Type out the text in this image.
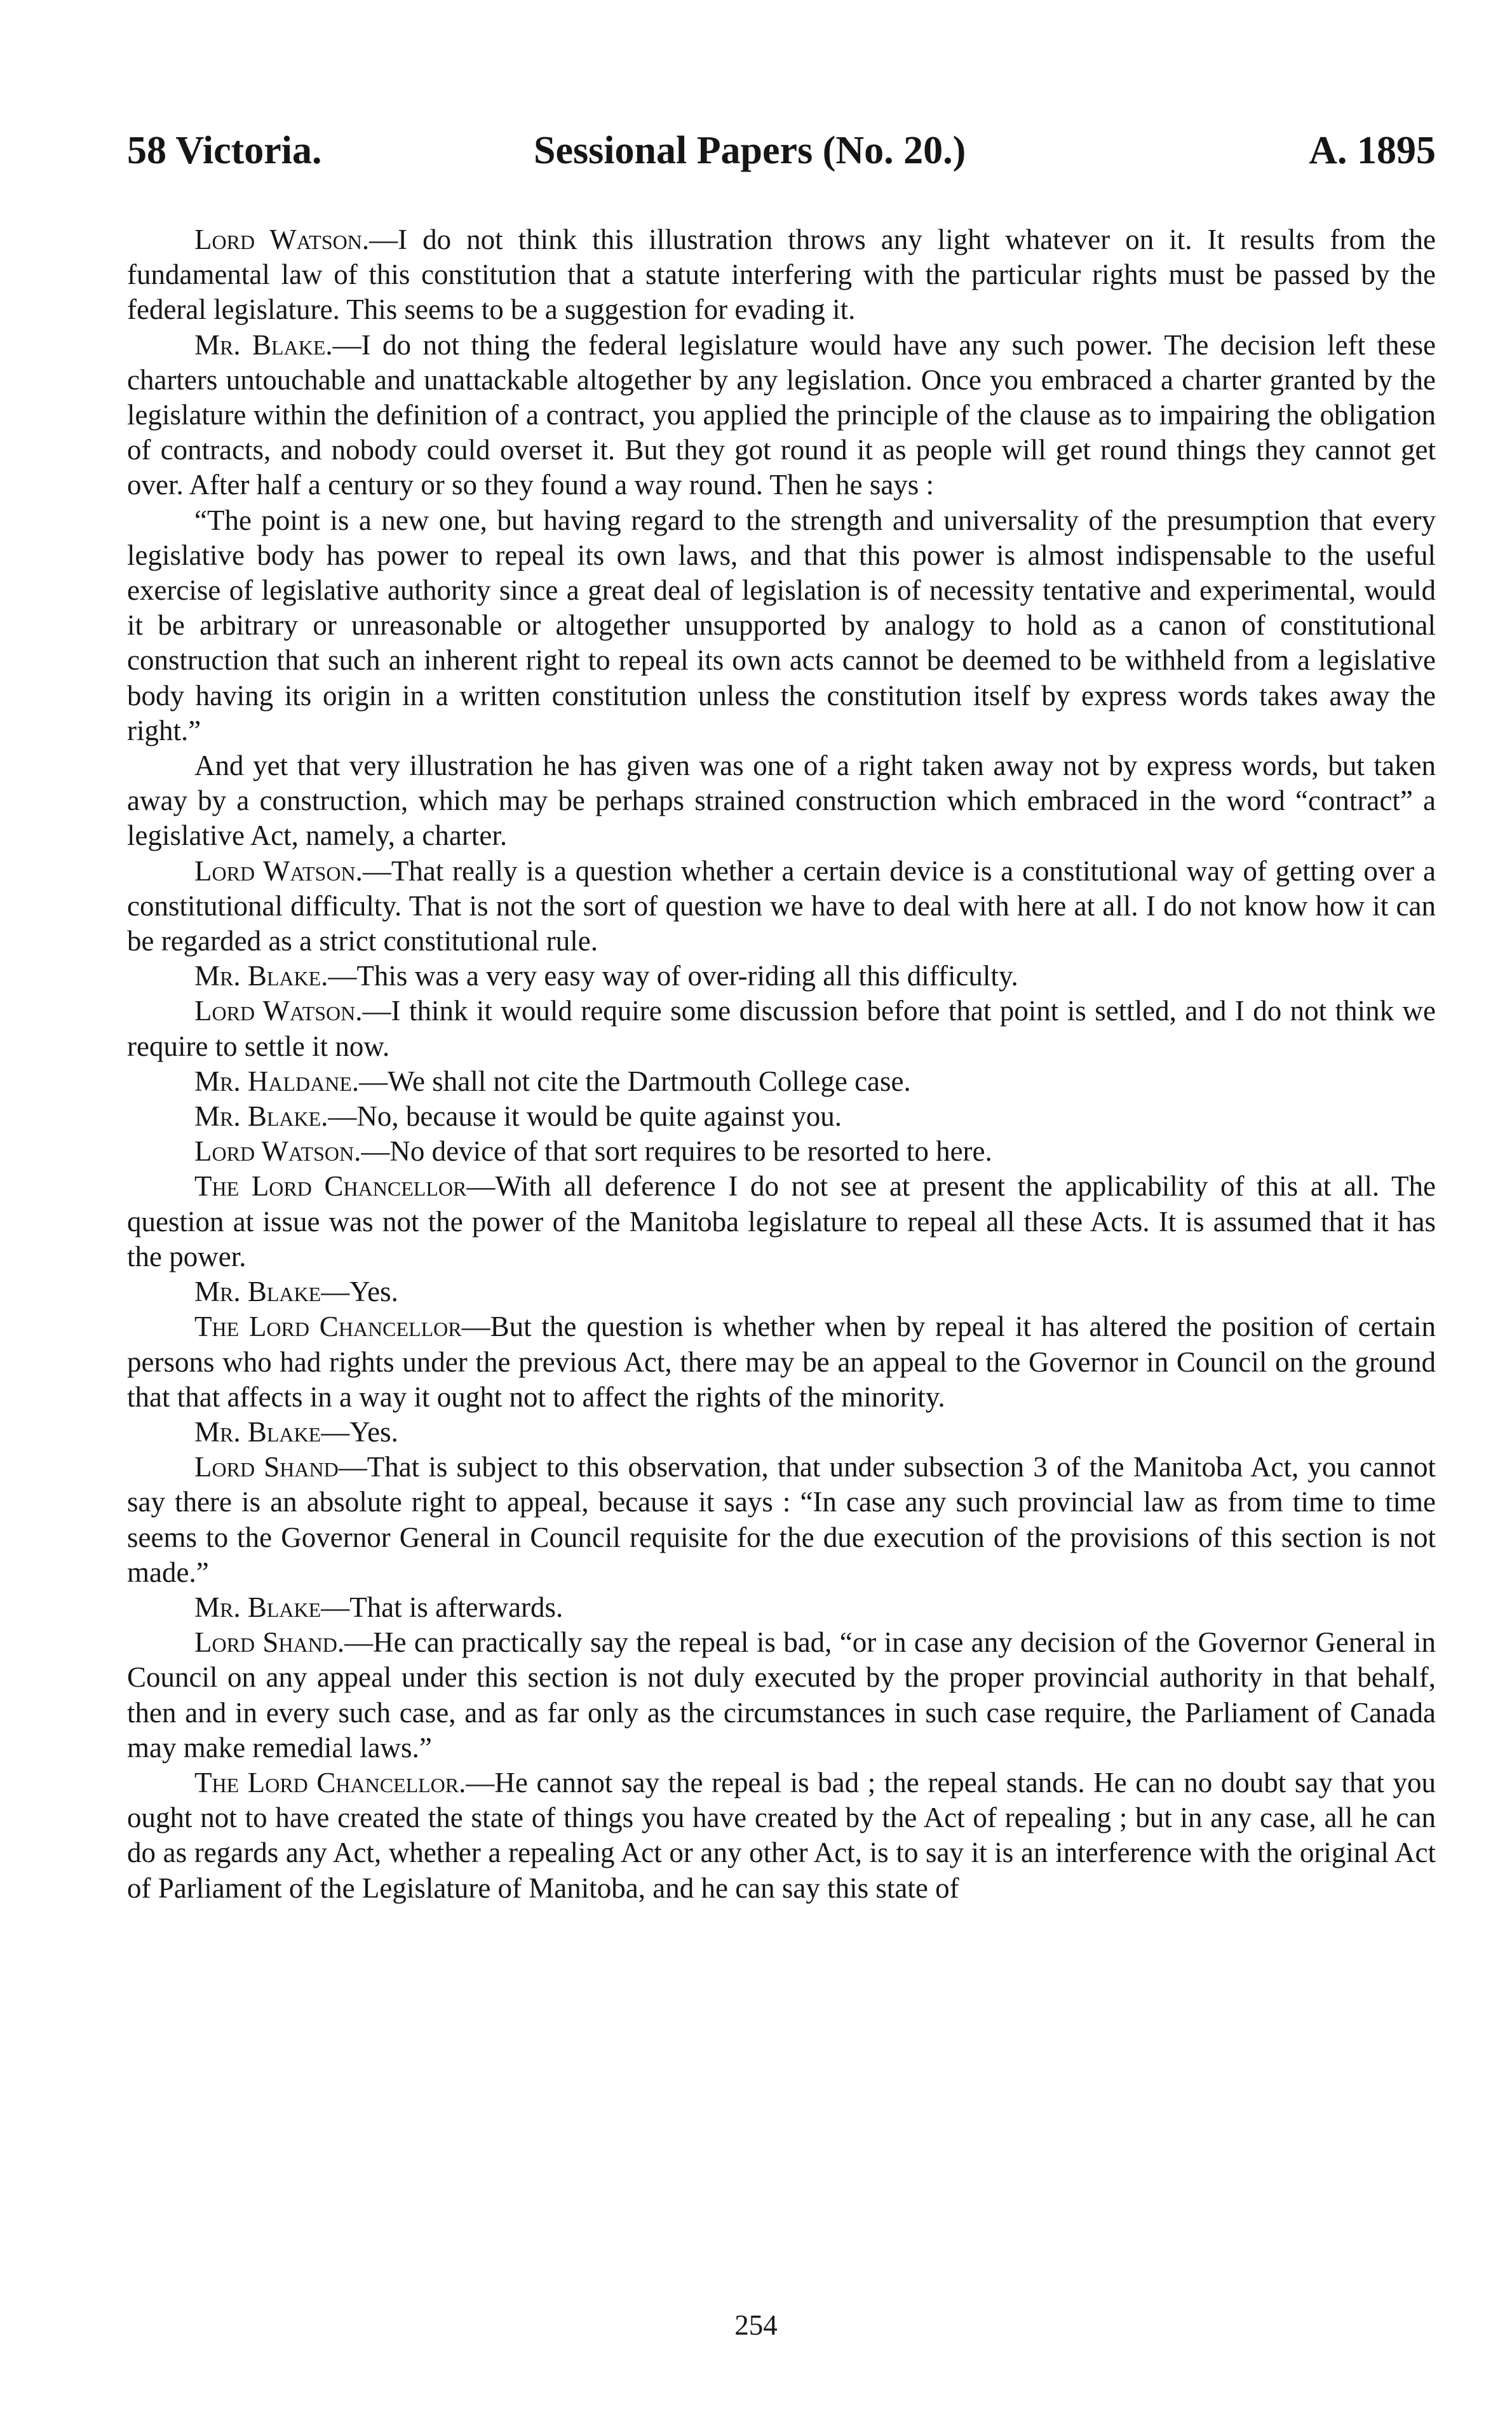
58 Victoria.	Sessional Papers (No. 20.)	A. 1895

Lord Watson.—I do not think this illustration throws any light whatever on it. It results from the fundamental law of this constitution that a statute interfering with the particular rights must be passed by the federal legislature. This seems to be a suggestion for evading it.

Mr. Blake.—I do not thing the federal legislature would have any such power. The decision left these charters untouchable and unattackable altogether by any legislation. Once you embraced a charter granted by the legislature within the definition of a contract, you applied the principle of the clause as to impairing the obligation of contracts, and nobody could overset it. But they got round it as people will get round things they cannot get over. After half a century or so they found a way round. Then he says :

“The point is a new one, but having regard to the strength and universality of the presumption that every legislative body has power to repeal its own laws, and that this power is almost indispensable to the useful exercise of legislative authority since a great deal of legislation is of necessity tentative and experimental, would it be arbitrary or unreasonable or altogether unsupported by analogy to hold as a canon of constitutional construction that such an inherent right to repeal its own acts cannot be deemed to be withheld from a legislative body having its origin in a written constitution unless the constitution itself by express words takes away the right.”

And yet that very illustration he has given was one of a right taken away not by express words, but taken away by a construction, which may be perhaps strained construction which embraced in the word “contract” a legislative Act, namely, a charter.

Lord Watson.—That really is a question whether a certain device is a constitutional way of getting over a constitutional difficulty. That is not the sort of question we have to deal with here at all. I do not know how it can be regarded as a strict constitutional rule.

Mr. Blake.—This was a very easy way of over-riding all this difficulty.

Lord Watson.—I think it would require some discussion before that point is settled, and I do not think we require to settle it now.

Mr. Haldane.—We shall not cite the Dartmouth College case.

Mr. Blake.—No, because it would be quite against you.

Lord Watson.—No device of that sort requires to be resorted to here.

The Lord Chancellor—With all deference I do not see at present the applicability of this at all. The question at issue was not the power of the Manitoba legislature to repeal all these Acts. It is assumed that it has the power.

Mr. Blake—Yes.

The Lord Chancellor—But the question is whether when by repeal it has altered the position of certain persons who had rights under the previous Act, there may be an appeal to the Governor in Council on the ground that that affects in a way it ought not to affect the rights of the minority.

Mr. Blake—Yes.

Lord Shand—That is subject to this observation, that under subsection 3 of the Manitoba Act, you cannot say there is an absolute right to appeal, because it says : “In case any such provincial law as from time to time seems to the Governor General in Council requisite for the due execution of the provisions of this section is not made.”

Mr. Blake—That is afterwards.

Lord Shand.—He can practically say the repeal is bad, “or in case any decision of the Governor General in Council on any appeal under this section is not duly executed by the proper provincial authority in that behalf, then and in every such case, and as far only as the circumstances in such case require, the Parliament of Canada may make remedial laws.”

The Lord Chancellor.—He cannot say the repeal is bad ; the repeal stands. He can no doubt say that you ought not to have created the state of things you have created by the Act of repealing ; but in any case, all he can do as regards any Act, whether a repealing Act or any other Act, is to say it is an interference with the original Act of Parliament of the Legislature of Manitoba, and he can say this state of

254
